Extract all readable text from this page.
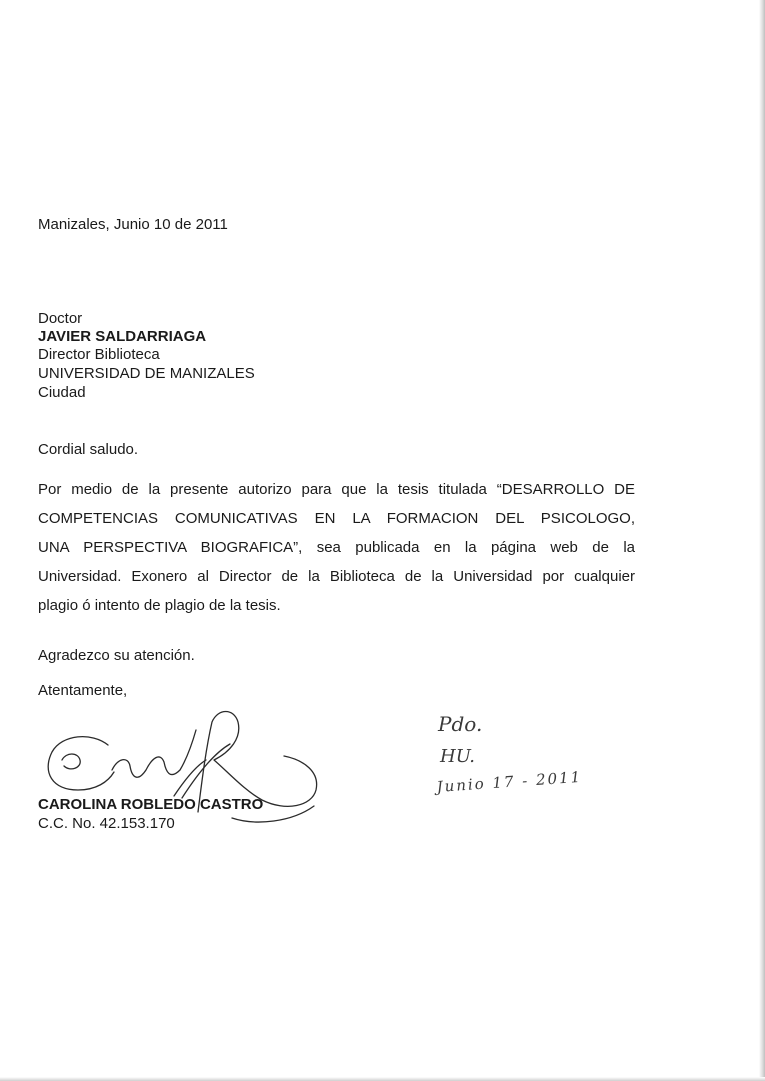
Manizales, Junio 10 de 2011
Doctor
JAVIER SALDARRIAGA
Director Biblioteca
UNIVERSIDAD DE MANIZALES
Ciudad
Cordial saludo.
Por medio de la presente autorizo para que la tesis titulada “DESARROLLO DE
COMPETENCIAS COMUNICATIVAS EN LA FORMACION DEL PSICOLOGO,
UNA PERSPECTIVA BIOGRAFICA”, sea publicada en la página web de la
Universidad. Exonero al Director de la Biblioteca de la Universidad por cualquier
plagio ó intento de plagio de la tesis.
Agradezco su atención.
Atentamente,
CAROLINA ROBLEDO CASTRO
C.C. No. 42.153.170
Pdo.
HU.
Junio 17 - 2011
